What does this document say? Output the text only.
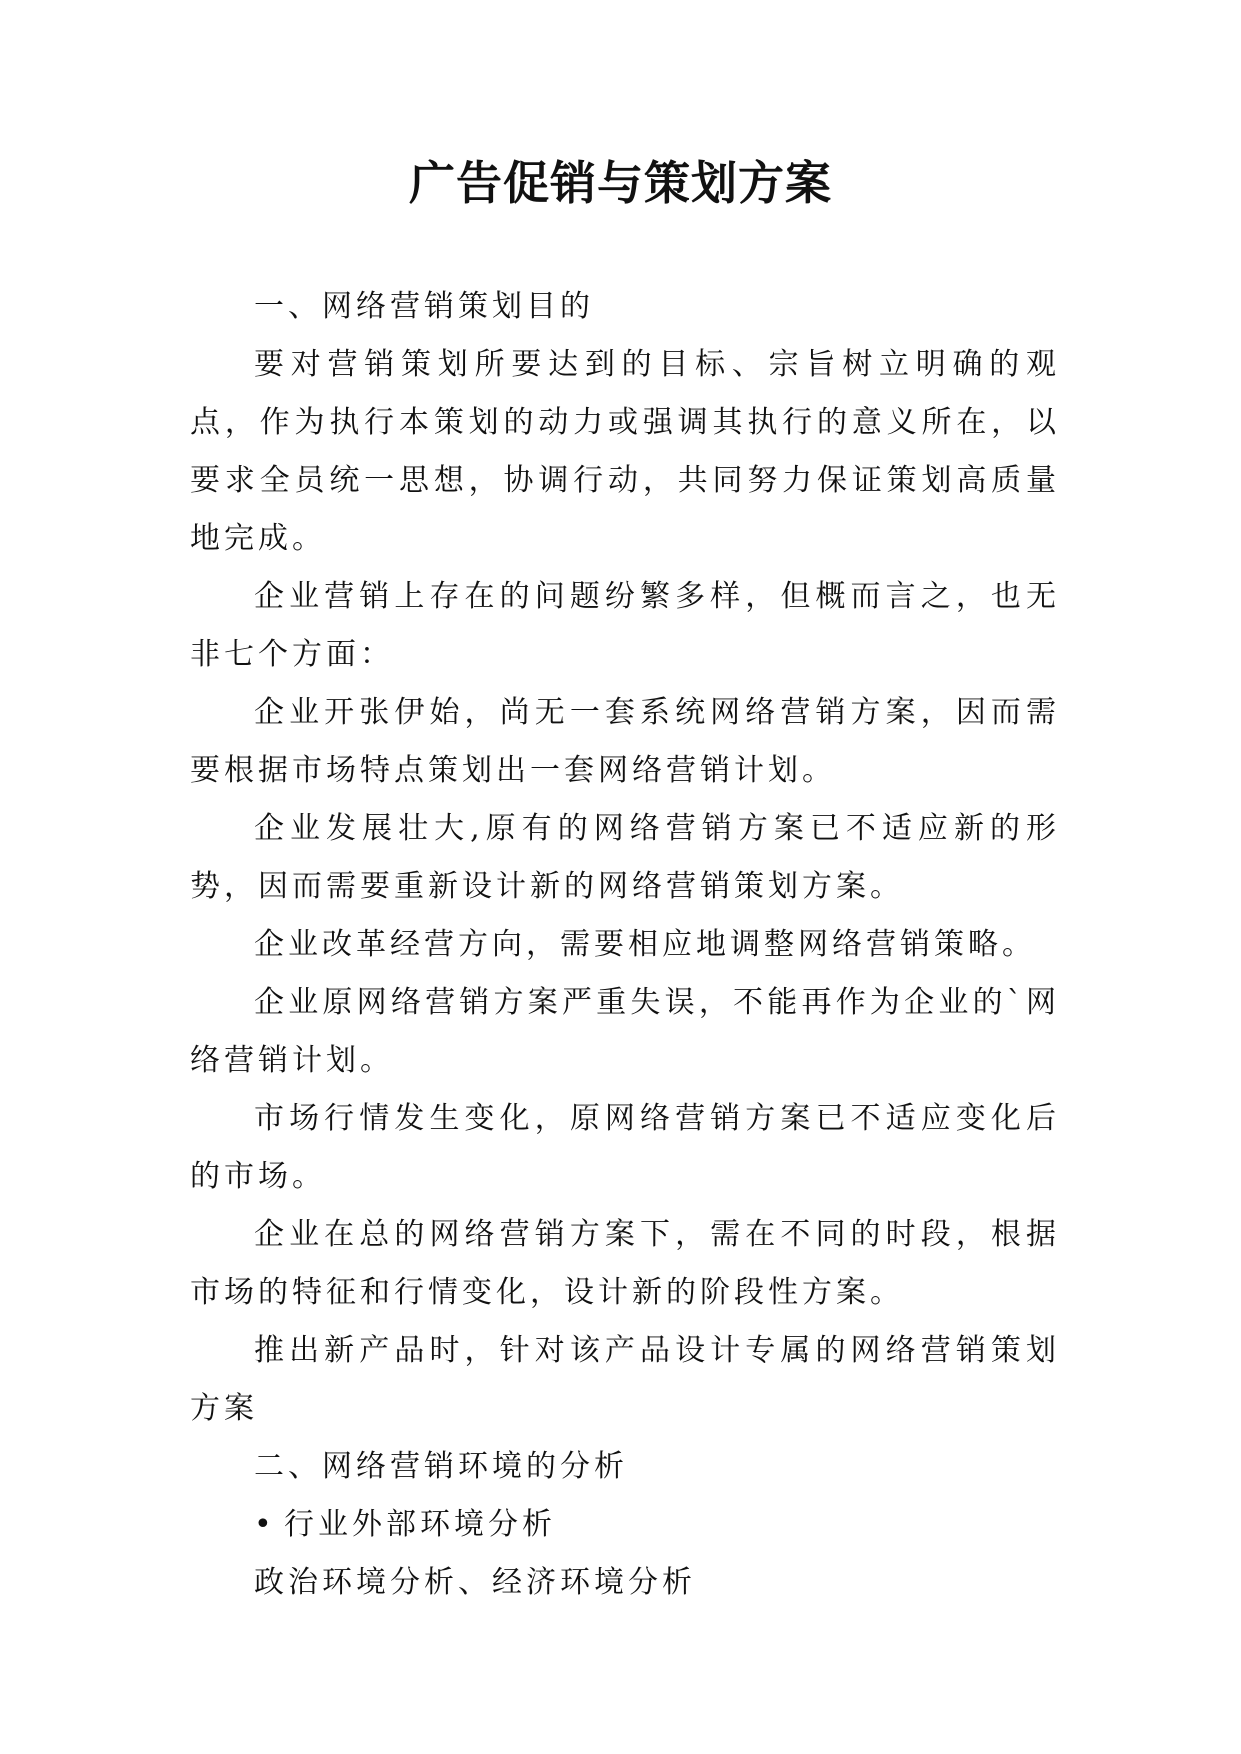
广告促销与策划方案

一、网络营销策划目的

要对营销策划所要达到的目标、宗旨树立明确的观点，作为执行本策划的动力或强调其执行的意义所在，以要求全员统一思想，协调行动，共同努力保证策划高质量地完成。

企业营销上存在的问题纷繁多样，但概而言之，也无非七个方面：

企业开张伊始，尚无一套系统网络营销方案，因而需要根据市场特点策划出一套网络营销计划。

企业发展壮大,原有的网络营销方案已不适应新的形势，因而需要重新设计新的网络营销策划方案。

企业改革经营方向，需要相应地调整网络营销策略。

企业原网络营销方案严重失误，不能再作为企业的`网络营销计划。

市场行情发生变化，原网络营销方案已不适应变化后的市场。

企业在总的网络营销方案下，需在不同的时段，根据市场的特征和行情变化，设计新的阶段性方案。

推出新产品时，针对该产品设计专属的网络营销策划方案

二、网络营销环境的分析

• 行业外部环境分析

政治环境分析、经济环境分析
